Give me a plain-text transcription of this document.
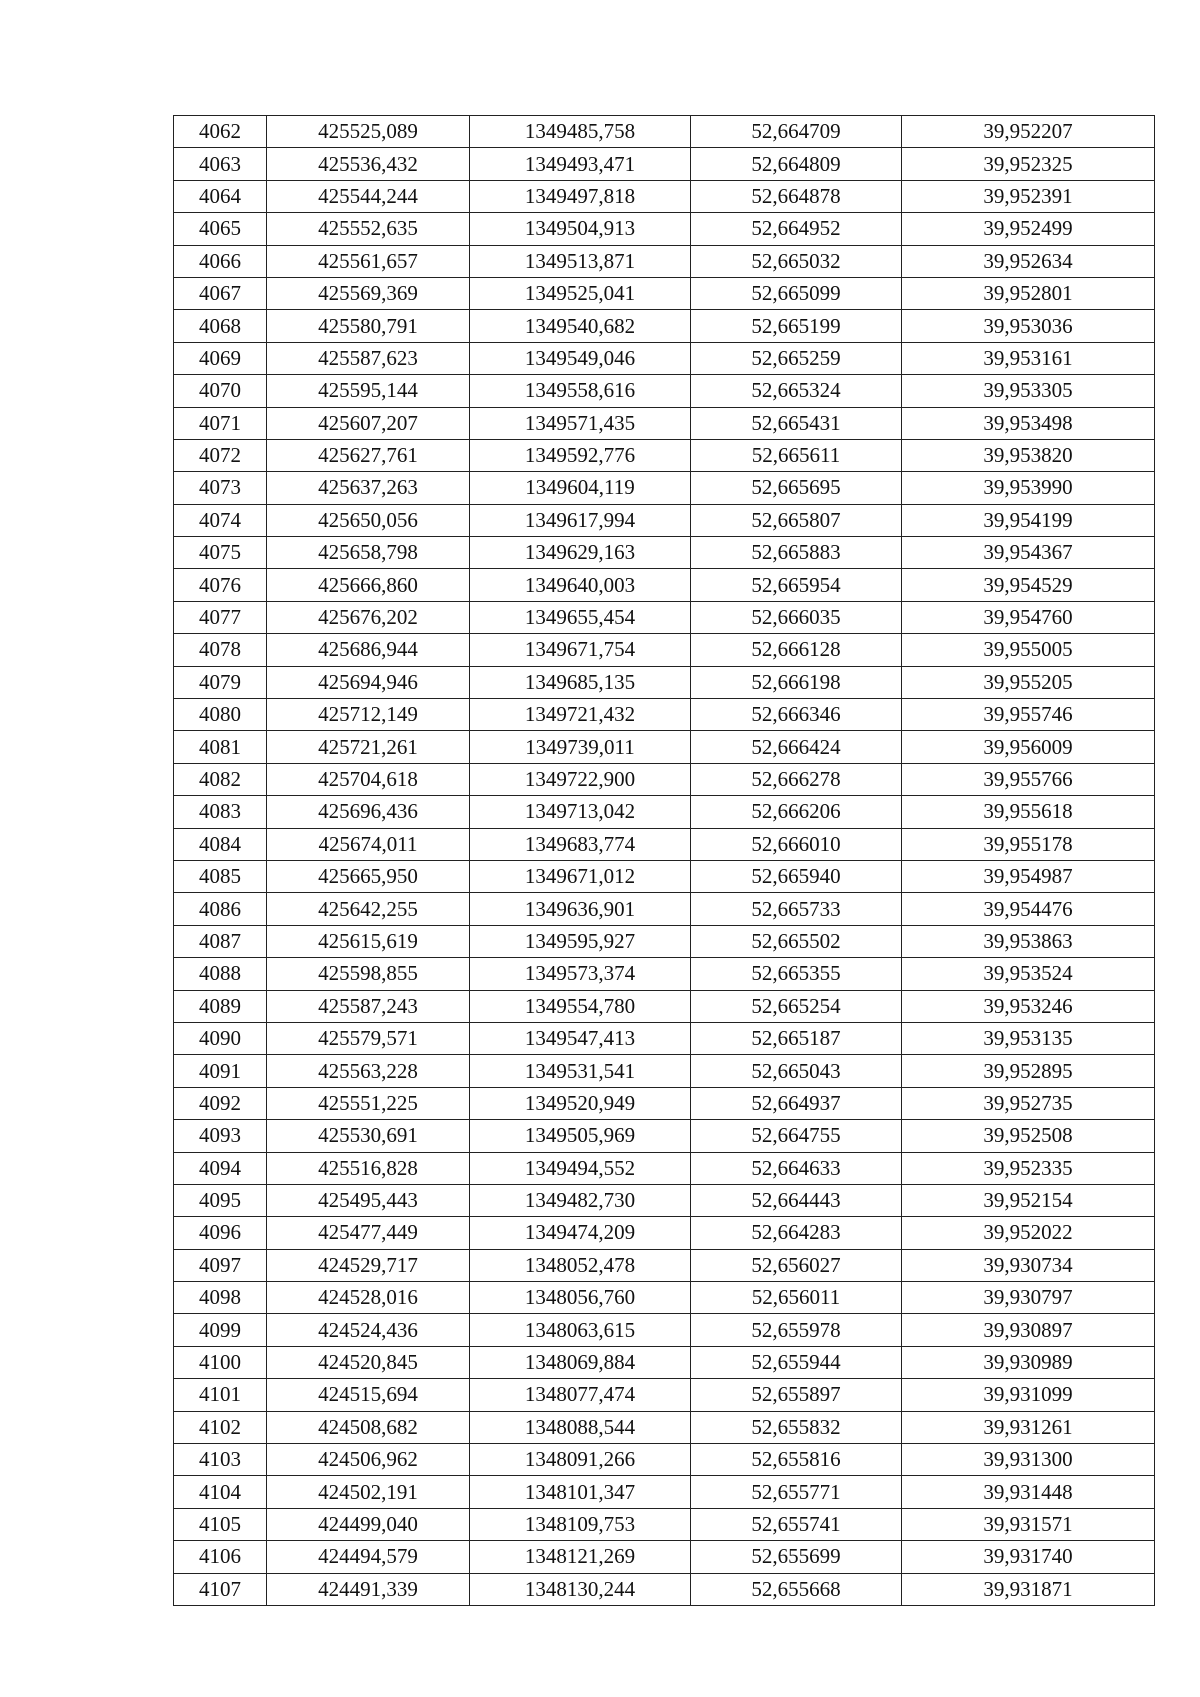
4062	425525,089	1349485,758	52,664709	39,952207
4063	425536,432	1349493,471	52,664809	39,952325
4064	425544,244	1349497,818	52,664878	39,952391
4065	425552,635	1349504,913	52,664952	39,952499
4066	425561,657	1349513,871	52,665032	39,952634
4067	425569,369	1349525,041	52,665099	39,952801
4068	425580,791	1349540,682	52,665199	39,953036
4069	425587,623	1349549,046	52,665259	39,953161
4070	425595,144	1349558,616	52,665324	39,953305
4071	425607,207	1349571,435	52,665431	39,953498
4072	425627,761	1349592,776	52,665611	39,953820
4073	425637,263	1349604,119	52,665695	39,953990
4074	425650,056	1349617,994	52,665807	39,954199
4075	425658,798	1349629,163	52,665883	39,954367
4076	425666,860	1349640,003	52,665954	39,954529
4077	425676,202	1349655,454	52,666035	39,954760
4078	425686,944	1349671,754	52,666128	39,955005
4079	425694,946	1349685,135	52,666198	39,955205
4080	425712,149	1349721,432	52,666346	39,955746
4081	425721,261	1349739,011	52,666424	39,956009
4082	425704,618	1349722,900	52,666278	39,955766
4083	425696,436	1349713,042	52,666206	39,955618
4084	425674,011	1349683,774	52,666010	39,955178
4085	425665,950	1349671,012	52,665940	39,954987
4086	425642,255	1349636,901	52,665733	39,954476
4087	425615,619	1349595,927	52,665502	39,953863
4088	425598,855	1349573,374	52,665355	39,953524
4089	425587,243	1349554,780	52,665254	39,953246
4090	425579,571	1349547,413	52,665187	39,953135
4091	425563,228	1349531,541	52,665043	39,952895
4092	425551,225	1349520,949	52,664937	39,952735
4093	425530,691	1349505,969	52,664755	39,952508
4094	425516,828	1349494,552	52,664633	39,952335
4095	425495,443	1349482,730	52,664443	39,952154
4096	425477,449	1349474,209	52,664283	39,952022
4097	424529,717	1348052,478	52,656027	39,930734
4098	424528,016	1348056,760	52,656011	39,930797
4099	424524,436	1348063,615	52,655978	39,930897
4100	424520,845	1348069,884	52,655944	39,930989
4101	424515,694	1348077,474	52,655897	39,931099
4102	424508,682	1348088,544	52,655832	39,931261
4103	424506,962	1348091,266	52,655816	39,931300
4104	424502,191	1348101,347	52,655771	39,931448
4105	424499,040	1348109,753	52,655741	39,931571
4106	424494,579	1348121,269	52,655699	39,931740
4107	424491,339	1348130,244	52,655668	39,931871
